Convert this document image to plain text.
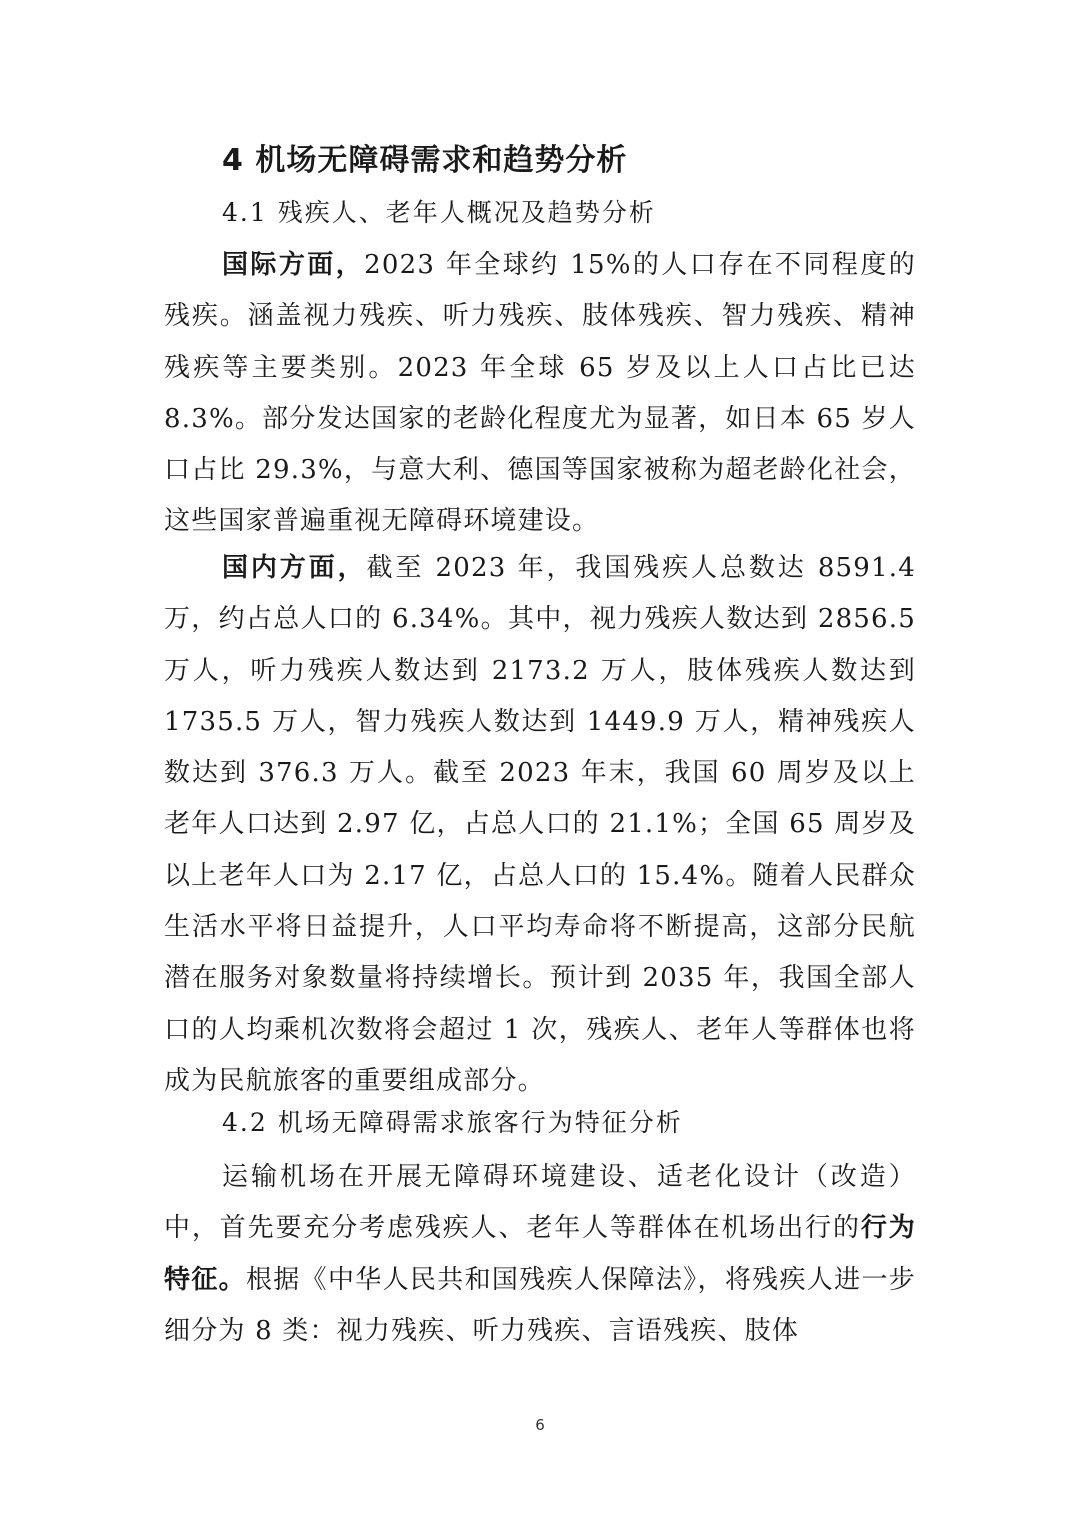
4 机场无障碍需求和趋势分析
4.1 残疾人、老年人概况及趋势分析
国际方面，2023 年全球约 15%的人口存在不同程度的残疾。涵盖视力残疾、听力残疾、肢体残疾、智力残疾、精神残疾等主要类别。2023 年全球 65 岁及以上人口占比已达 8.3%。部分发达国家的老龄化程度尤为显著，如日本 65 岁人口占比 29.3%，与意大利、德国等国家被称为超老龄化社会，这些国家普遍重视无障碍环境建设。
国内方面，截至 2023 年，我国残疾人总数达 8591.4 万，约占总人口的 6.34%。其中，视力残疾人数达到 2856.5 万人，听力残疾人数达到 2173.2 万人，肢体残疾人数达到 1735.5 万人，智力残疾人数达到 1449.9 万人，精神残疾人数达到 376.3 万人。截至 2023 年末，我国 60 周岁及以上老年人口达到 2.97 亿，占总人口的 21.1%；全国 65 周岁及以上老年人口为 2.17 亿，占总人口的 15.4%。随着人民群众生活水平将日益提升，人口平均寿命将不断提高，这部分民航潜在服务对象数量将持续增长。预计到 2035 年，我国全部人口的人均乘机次数将会超过 1 次，残疾人、老年人等群体也将成为民航旅客的重要组成部分。
4.2 机场无障碍需求旅客行为特征分析
运输机场在开展无障碍环境建设、适老化设计（改造）中，首先要充分考虑残疾人、老年人等群体在机场出行的行为特征。根据《中华人民共和国残疾人保障法》，将残疾人进一步细分为 8 类：视力残疾、听力残疾、言语残疾、肢体
6
